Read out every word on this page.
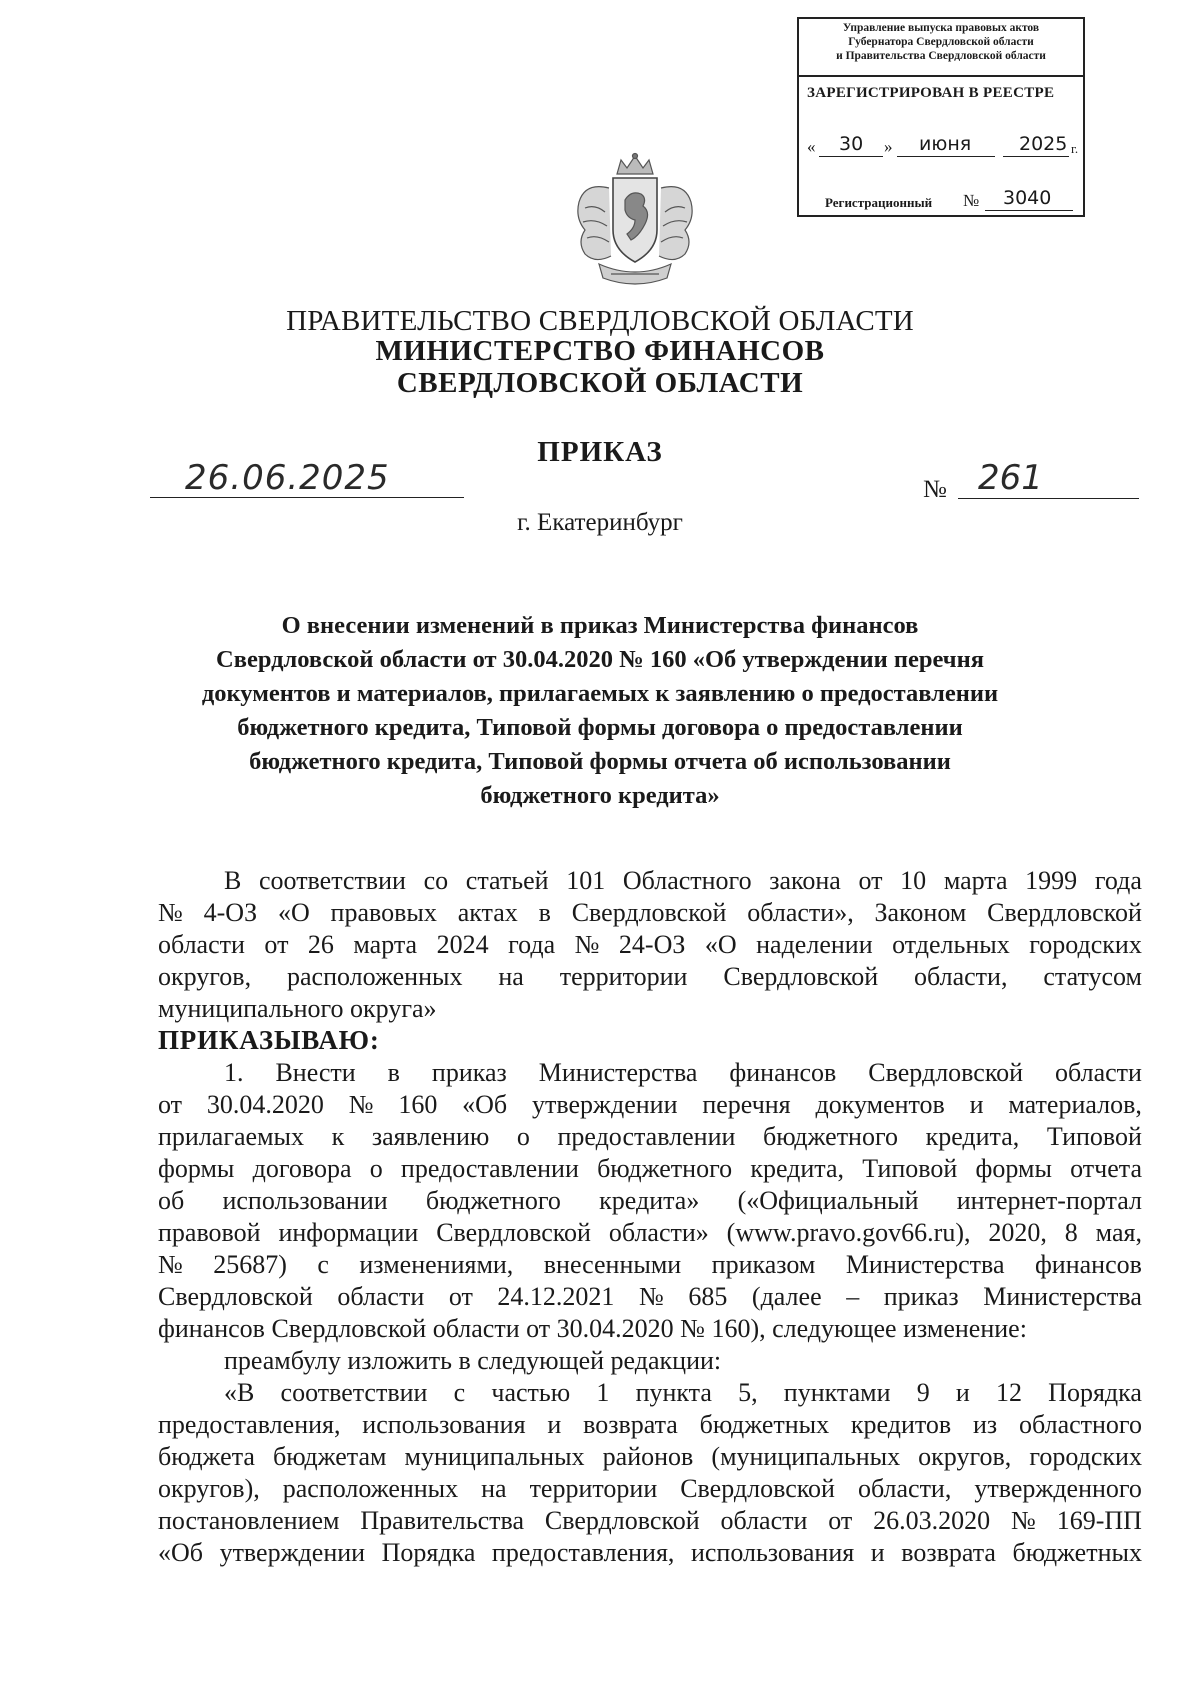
Управление выпуска правовых актов
Губернатора Свердловской области
и Правительства Свердловской области
ЗАРЕГИСТРИРОВАН В РЕЕСТРЕ
« 30 » июня	2025 г.
Регистрационный № 3040
ПРАВИТЕЛЬСТВО СВЕРДЛОВСКОЙ ОБЛАСТИ
МИНИСТЕРСТВО ФИНАНСОВ
СВЕРДЛОВСКОЙ ОБЛАСТИ
ПРИКАЗ
26.06.2025	№ 261
г. Екатеринбург
О внесении изменений в приказ Министерства финансов
Свердловской области от 30.04.2020 № 160 «Об утверждении перечня
документов и материалов, прилагаемых к заявлению о предоставлении
бюджетного кредита, Типовой формы договора о предоставлении
бюджетного кредита, Типовой формы отчета об использовании
бюджетного кредита»
В соответствии со статьей 101 Областного закона от 10 марта 1999 года
№ 4-ОЗ «О правовых актах в Свердловской области», Законом Свердловской
области от 26 марта 2024 года № 24-ОЗ «О наделении отдельных городских
округов, расположенных на территории Свердловской области, статусом
муниципального округа»
ПРИКАЗЫВАЮ:
1. Внести в приказ Министерства финансов Свердловской области
от 30.04.2020 № 160 «Об утверждении перечня документов и материалов,
прилагаемых к заявлению о предоставлении бюджетного кредита, Типовой
формы договора о предоставлении бюджетного кредита, Типовой формы отчета
об использовании бюджетного кредита» («Официальный интернет-портал
правовой информации Свердловской области» (www.pravo.gov66.ru), 2020, 8 мая,
№ 25687) с изменениями, внесенными приказом Министерства финансов
Свердловской области от 24.12.2021 № 685 (далее – приказ Министерства
финансов Свердловской области от 30.04.2020 № 160), следующее изменение:
преамбулу изложить в следующей редакции:
«В соответствии с частью 1 пункта 5, пунктами 9 и 12 Порядка
предоставления, использования и возврата бюджетных кредитов из областного
бюджета бюджетам муниципальных районов (муниципальных округов, городских
округов), расположенных на территории Свердловской области, утвержденного
постановлением Правительства Свердловской области от 26.03.2020 № 169-ПП
«Об утверждении Порядка предоставления, использования и возврата бюджетных
